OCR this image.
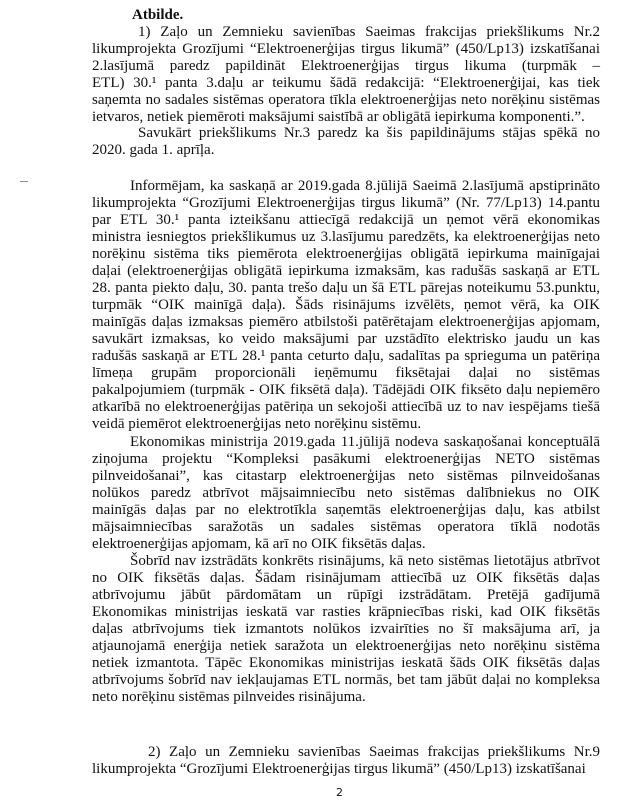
Atbilde.
1) Zaļo un Zemnieku savienības Saeimas frakcijas priekšlikums Nr.2
likumprojekta Grozījumi “Elektroenerģijas tirgus likumā” (450/Lp13) izskatīšanai
2.lasījumā paredz papildināt Elektroenerģijas tirgus likuma (turpmāk –
ETL) 30.¹ panta 3.daļu ar teikumu šādā redakcijā: “Elektroenerģijai, kas tiek
saņemta no sadales sistēmas operatora tīkla elektroenerģijas neto norēķinu sistēmas
ietvaros, netiek piemēroti maksājumi saistībā ar obligātā iepirkuma komponenti.”.
Savukārt priekšlikums Nr.3 paredz ka šis papildinājums stājas spēkā no
2020. gada 1. aprīļa.
Informējam, ka saskaņā ar 2019.gada 8.jūlijā Saeimā 2.lasījumā apstiprināto
likumprojekta “Grozījumi Elektroenerģijas tirgus likumā” (Nr. 77/Lp13) 14.pantu
par ETL 30.¹ panta izteikšanu attiecīgā redakcijā un ņemot vērā ekonomikas
ministra iesniegtos priekšlikumus uz 3.lasījumu paredzēts, ka elektroenerģijas neto
norēķinu sistēma tiks piemērota elektroenerģijas obligātā iepirkuma mainīgajai
daļai (elektroenerģijas obligātā iepirkuma izmaksām, kas radušās saskaņā ar ETL
28. panta piekto daļu, 30. panta trešo daļu un šā ETL pārejas noteikumu 53.punktu,
turpmāk “OIK mainīgā daļa). Šāds risinājums izvēlēts, ņemot vērā, ka OIK
mainīgās daļas izmaksas piemēro atbilstoši patērētajam elektroenerģijas apjomam,
savukārt izmaksas, ko veido maksājumi par uzstādīto elektrisko jaudu un kas
radušās saskaņā ar ETL 28.¹ panta ceturto daļu, sadalītas pa sprieguma un patēriņa
līmeņa grupām proporcionāli ieņēmumu fiksētajai daļai no sistēmas
pakalpojumiem (turpmāk - OIK fiksētā daļa). Tādējādi OIK fiksēto daļu nepiemēro
atkarībā no elektroenerģijas patēriņa un sekojoši attiecībā uz to nav iespējams tiešā
veidā piemērot elektroenerģijas neto norēķinu sistēmu.
Ekonomikas ministrija 2019.gada 11.jūlijā nodeva saskaņošanai konceptuālā
ziņojuma projektu “Kompleksi pasākumi elektroenerģijas NETO sistēmas
pilnveidošanai”, kas citastarp elektroenerģijas neto sistēmas pilnveidošanas
nolūkos paredz atbrīvot mājsaimniecību neto sistēmas dalībniekus no OIK
mainīgās daļas par no elektrotīkla saņemtās elektroenerģijas daļu, kas atbilst
mājsaimniecības saražotās un sadales sistēmas operatora tīklā nodotās
elektroenerģijas apjomam, kā arī no OIK fiksētās daļas.
Šobrīd nav izstrādāts konkrēts risinājums, kā neto sistēmas lietotājus atbrīvot
no OIK fiksētās daļas. Šādam risinājumam attiecībā uz OIK fiksētās daļas
atbrīvojumu jābūt pārdomātam un rūpīgi izstrādātam. Pretējā gadījumā
Ekonomikas ministrijas ieskatā var rasties krāpniecības riski, kad OIK fiksētās
daļas atbrīvojums tiek izmantots nolūkos izvairīties no šī maksājuma arī, ja
atjaunojamā enerģija netiek saražota un elektroenerģijas neto norēķinu sistēma
netiek izmantota. Tāpēc Ekonomikas ministrijas ieskatā šāds OIK fiksētās daļas
atbrīvojums šobrīd nav iekļaujamas ETL normās, bet tam jābūt daļai no kompleksa
neto norēķinu sistēmas pilnveides risinājuma.
2) Zaļo un Zemnieku savienības Saeimas frakcijas priekšlikums Nr.9
likumprojekta “Grozījumi Elektroenerģijas tirgus likumā” (450/Lp13) izskatīšanai
2
